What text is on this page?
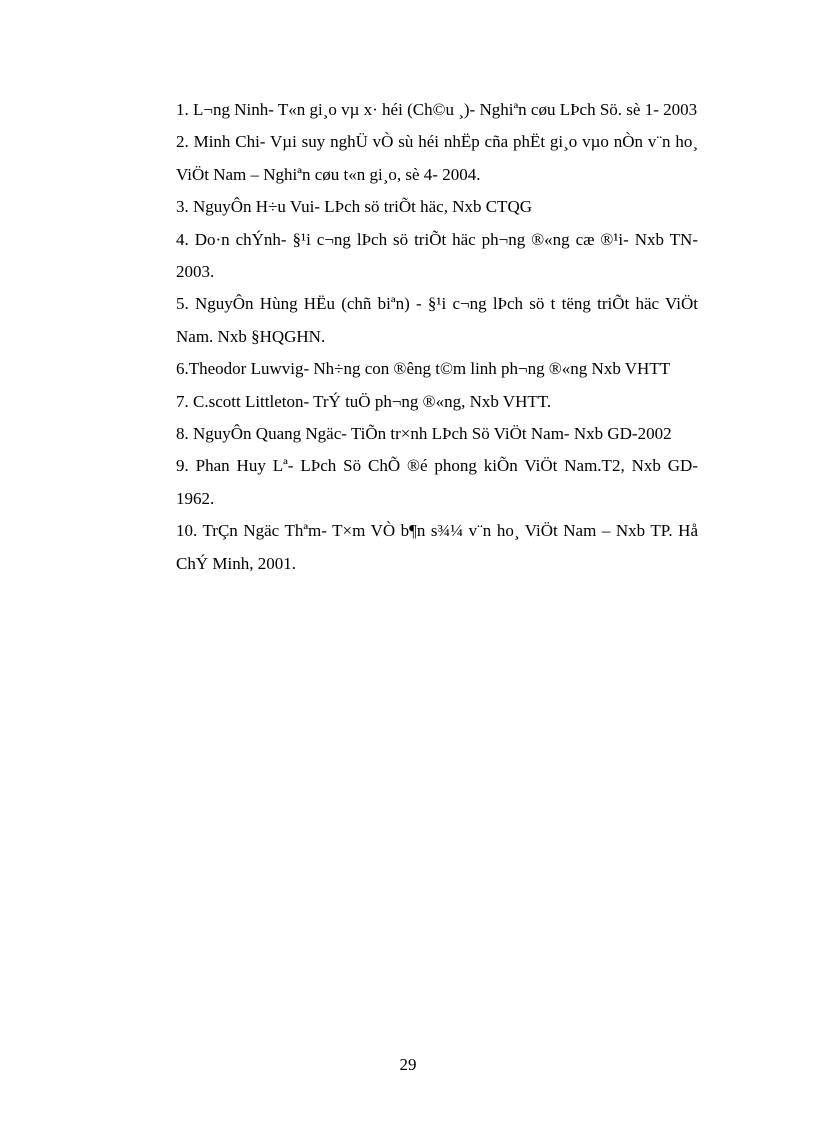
1. L¬ng Ninh- T«n gi¸o vµ x· héi (Ch©u ¸)- Nghiªn cøu LÞch Sö. sè 1- 2003

2. Minh Chi- Vµi suy nghÜ vÒ sù héi nhËp cña phËt gi¸o vµo nÒn v¨n ho¸ ViÖt Nam – Nghiªn cøu t«n gi¸o, sè 4- 2004.

3. NguyÔn H÷u Vui- LÞch sö triÕt häc, Nxb CTQG

4. Do·n chÝnh- §¹i c¬ng lÞch sö triÕt häc ph¬ng ®«ng cæ ®¹i- Nxb TN- 2003.

5. NguyÔn Hùng HËu (chñ biªn) - §¹i c¬ng lÞch sö t tëng triÕt häc ViÖt Nam. Nxb §HQGHN.

6.Theodor Luwvig- Nh÷ng con ®êng t©m linh ph¬ng ®«ng Nxb VHTT

7. C.scott Littleton- TrÝ tuÖ ph¬ng ®«ng, Nxb VHTT.

8. NguyÔn Quang Ngäc- TiÕn tr×nh LÞch Sö ViÖt Nam- Nxb GD-2002

9. Phan Huy Lª- LÞch Sö ChÕ ®é phong kiÕn ViÖt Nam.T2, Nxb GD- 1962.

10. TrÇn Ngäc Thªm- T×m VÒ b¶n s¾¼ v¨n ho¸ ViÖt Nam – Nxb TP. Hå ChÝ Minh, 2001.

29
